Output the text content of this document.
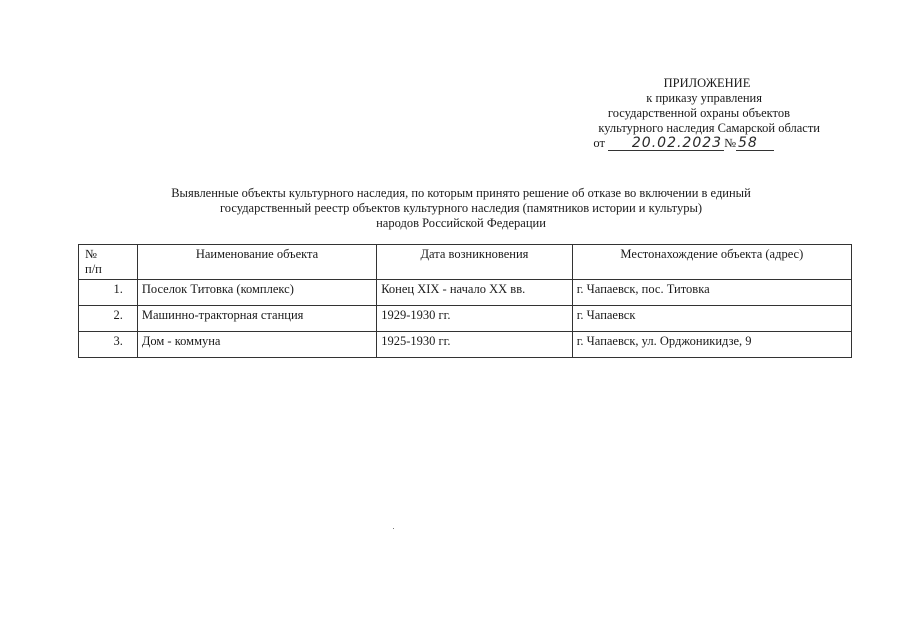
ПРИЛОЖЕНИЕ
к приказу управления
государственной охраны объектов
культурного наследия Самарской области
от 20.02.2023 № 58
Выявленные объекты культурного наследия, по которым принято решение об отказе во включении в единый
государственный реестр объектов культурного наследия (памятников истории и культуры)
народов Российской Федерации
№
п/п	Наименование объекта	Дата возникновения	Местонахождение объекта (адрес)
1.	Поселок Титовка (комплекс)	Конец XIX - начало XX вв.	г. Чапаевск, пос. Титовка
2.	Машинно-тракторная станция	1929-1930 гг.	г. Чапаевск
3.	Дом - коммуна	1925-1930 гг.	г. Чапаевск, ул. Орджоникидзе, 9
